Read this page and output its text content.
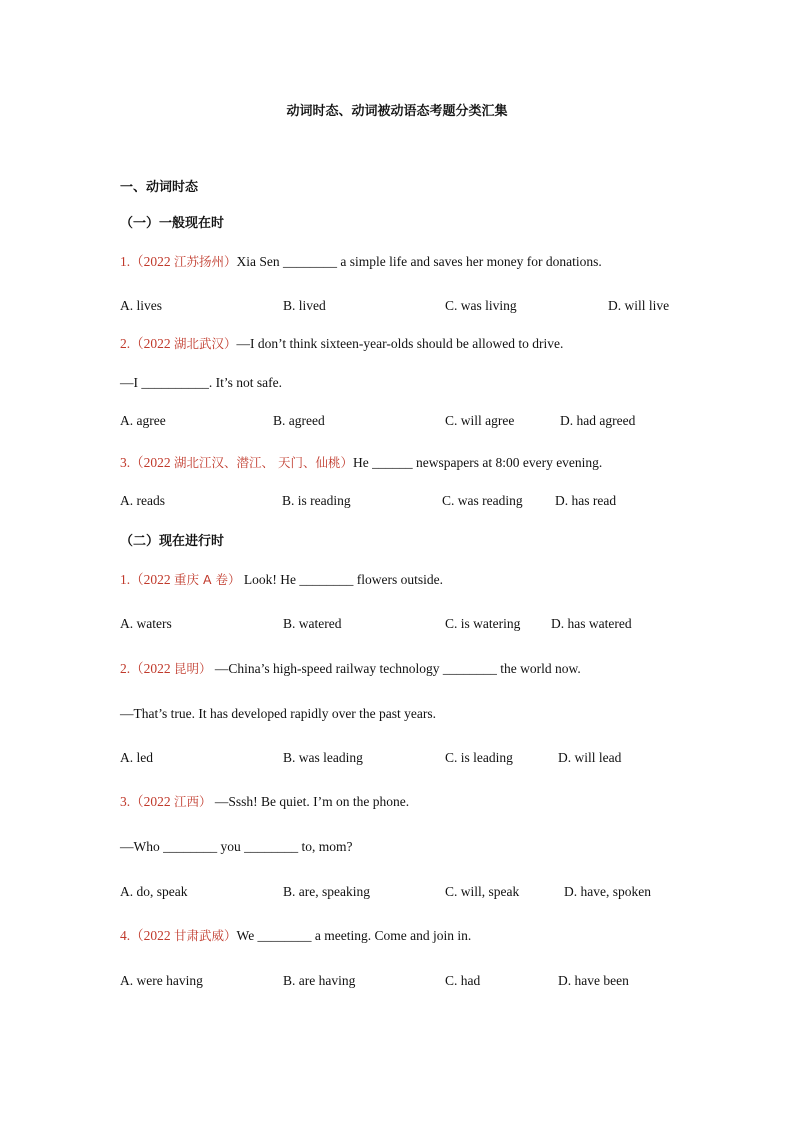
动词时态、动词被动语态考题分类汇集
一、动词时态
（一）一般现在时
1.（2022 江苏扬州）Xia Sen ________ a simple life and saves her money for donations.
A. lives	B. lived	C. was living	D. will live
2.（2022 湖北武汉）—I don’t think sixteen-year-olds should be allowed to drive.
—I __________. It’s not safe.
A. agree	B. agreed	C. will agree	D. had agreed
3.（2022 湖北江汉、潜江、 天门、仙桃）He ______ newspapers at 8:00 every evening.
A. reads	B. is reading	C. was reading D. has read
（二）现在进行时
1.（2022 重庆 A 卷） Look! He ________ flowers outside.
A. waters	B. watered	C. is watering D. has watered
2.（2022 昆明） —China’s high-speed railway technology ________ the world now.
—That’s true. It has developed rapidly over the past years.
A. led	B. was leading	C. is leading	D. will lead
3.（2022 江西） —Sssh! Be quiet. I’m on the phone.
—Who ________ you ________ to, mom?
A. do, speak	B. are, speaking	C. will, speak	D. have, spoken
4.（2022 甘肃武威）We ________ a meeting. Come and join in.
A. were having	B. are having	C. had	D. have been
